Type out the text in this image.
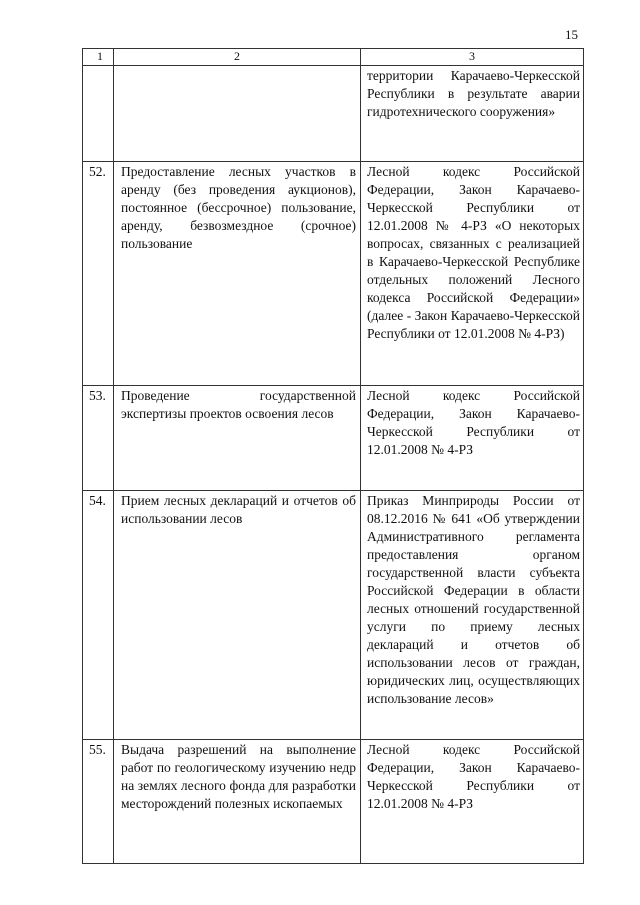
15
1	2	3

		территории Карачаево-Черкесской Республики в результате аварии гидротехнического сооружения»

52.	Предоставление лесных участков в аренду (без проведения аукционов), постоянное (бессрочное) пользование, аренду, безвозмездное (срочное) пользование	Лесной кодекс Российской Федерации, Закон Карачаево-Черкесской Республики от 12.01.2008 № 4-РЗ «О некоторых вопросах, связанных с реализацией в Карачаево-Черкесской Республике отдельных положений Лесного кодекса Российской Федерации» (далее - Закон Карачаево-Черкесской Республики от 12.01.2008 № 4-РЗ)

53.	Проведение государственной экспертизы проектов освоения лесов	Лесной кодекс Российской Федерации, Закон Карачаево-Черкесской Республики от 12.01.2008 № 4-РЗ

54.	Прием лесных деклараций и отчетов об использовании лесов	Приказ Минприроды России от 08.12.2016 № 641 «Об утверждении Административного регламента предоставления органом государственной власти субъекта Российской Федерации в области лесных отношений государственной услуги по приему лесных деклараций и отчетов об использовании лесов от граждан, юридических лиц, осуществляющих использование лесов»

55.	Выдача разрешений на выполнение работ по геологическому изучению недр на землях лесного фонда для разработки месторождений полезных ископаемых	Лесной кодекс Российской Федерации, Закон Карачаево-Черкесской Республики от 12.01.2008 № 4-РЗ
